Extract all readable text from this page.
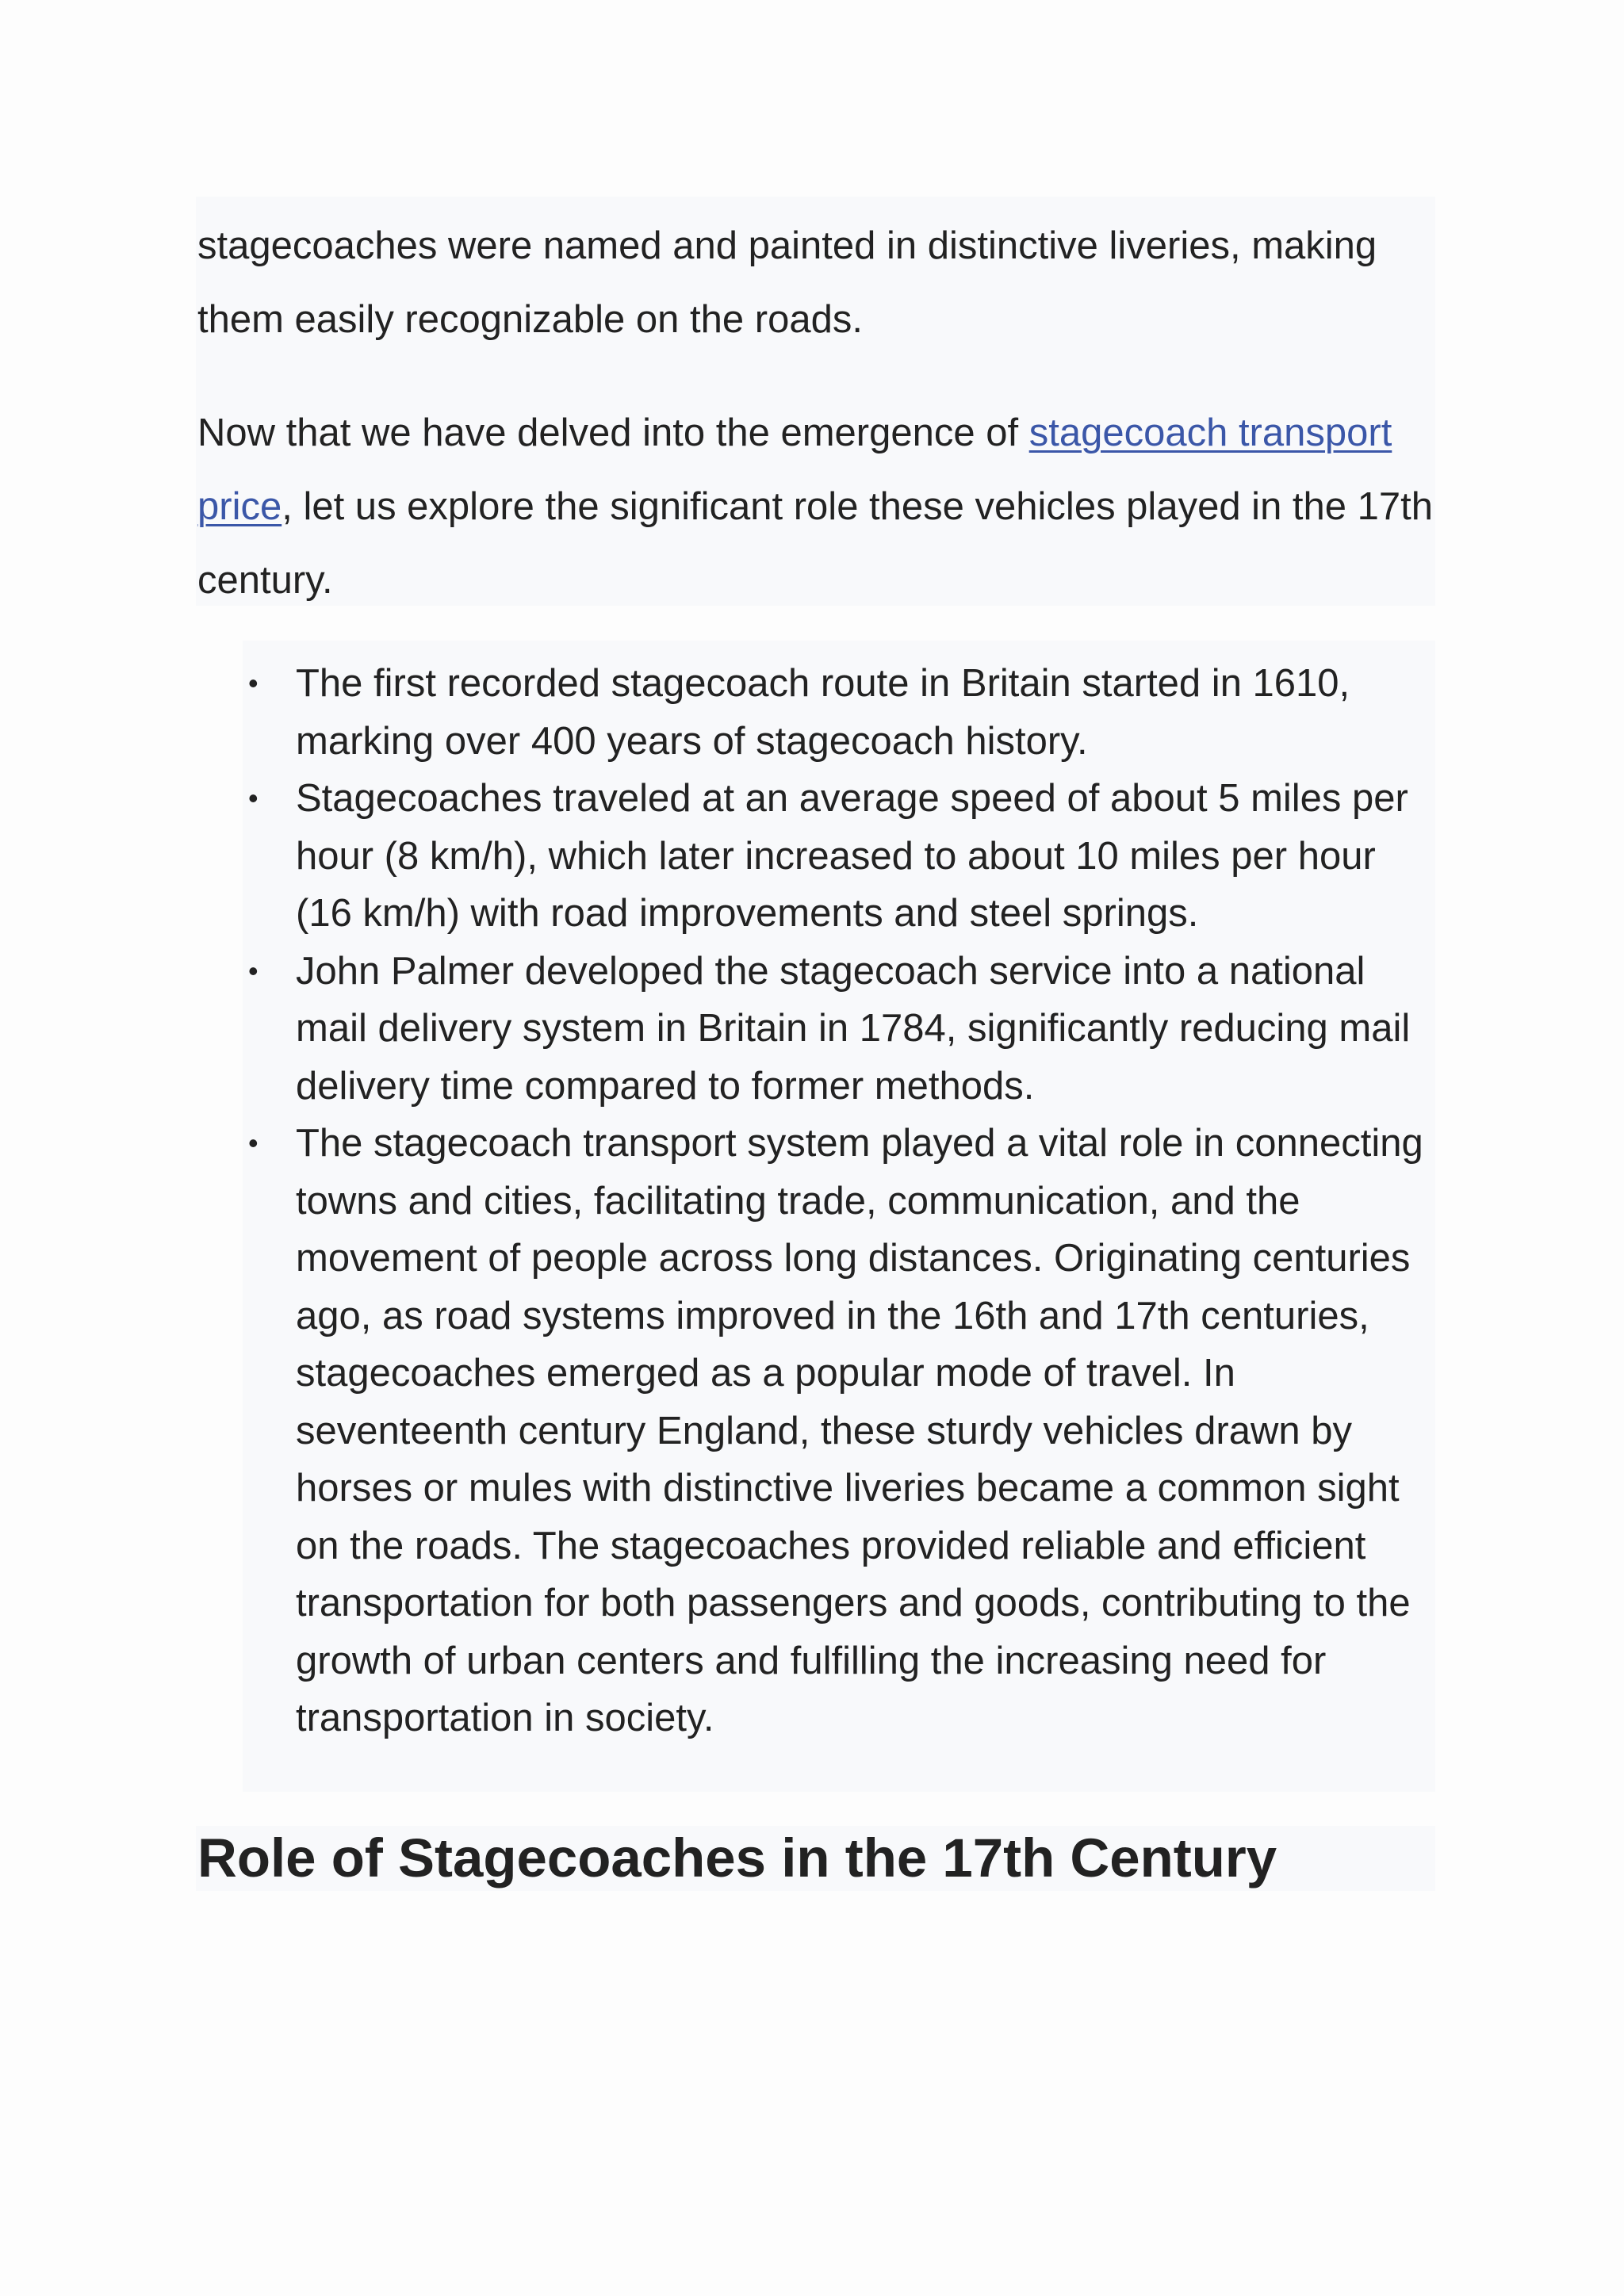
stagecoaches were named and painted in distinctive liveries, making them easily recognizable on the roads.

Now that we have delved into the emergence of stagecoach transport price, let us explore the significant role these vehicles played in the 17th century.

• The first recorded stagecoach route in Britain started in 1610, marking over 400 years of stagecoach history.
• Stagecoaches traveled at an average speed of about 5 miles per hour (8 km/h), which later increased to about 10 miles per hour (16 km/h) with road improvements and steel springs.
• John Palmer developed the stagecoach service into a national mail delivery system in Britain in 1784, significantly reducing mail delivery time compared to former methods.
• The stagecoach transport system played a vital role in connecting towns and cities, facilitating trade, communication, and the movement of people across long distances. Originating centuries ago, as road systems improved in the 16th and 17th centuries, stagecoaches emerged as a popular mode of travel. In seventeenth century England, these sturdy vehicles drawn by horses or mules with distinctive liveries became a common sight on the roads. The stagecoaches provided reliable and efficient transportation for both passengers and goods, contributing to the growth of urban centers and fulfilling the increasing need for transportation in society.
Role of Stagecoaches in the 17th Century
